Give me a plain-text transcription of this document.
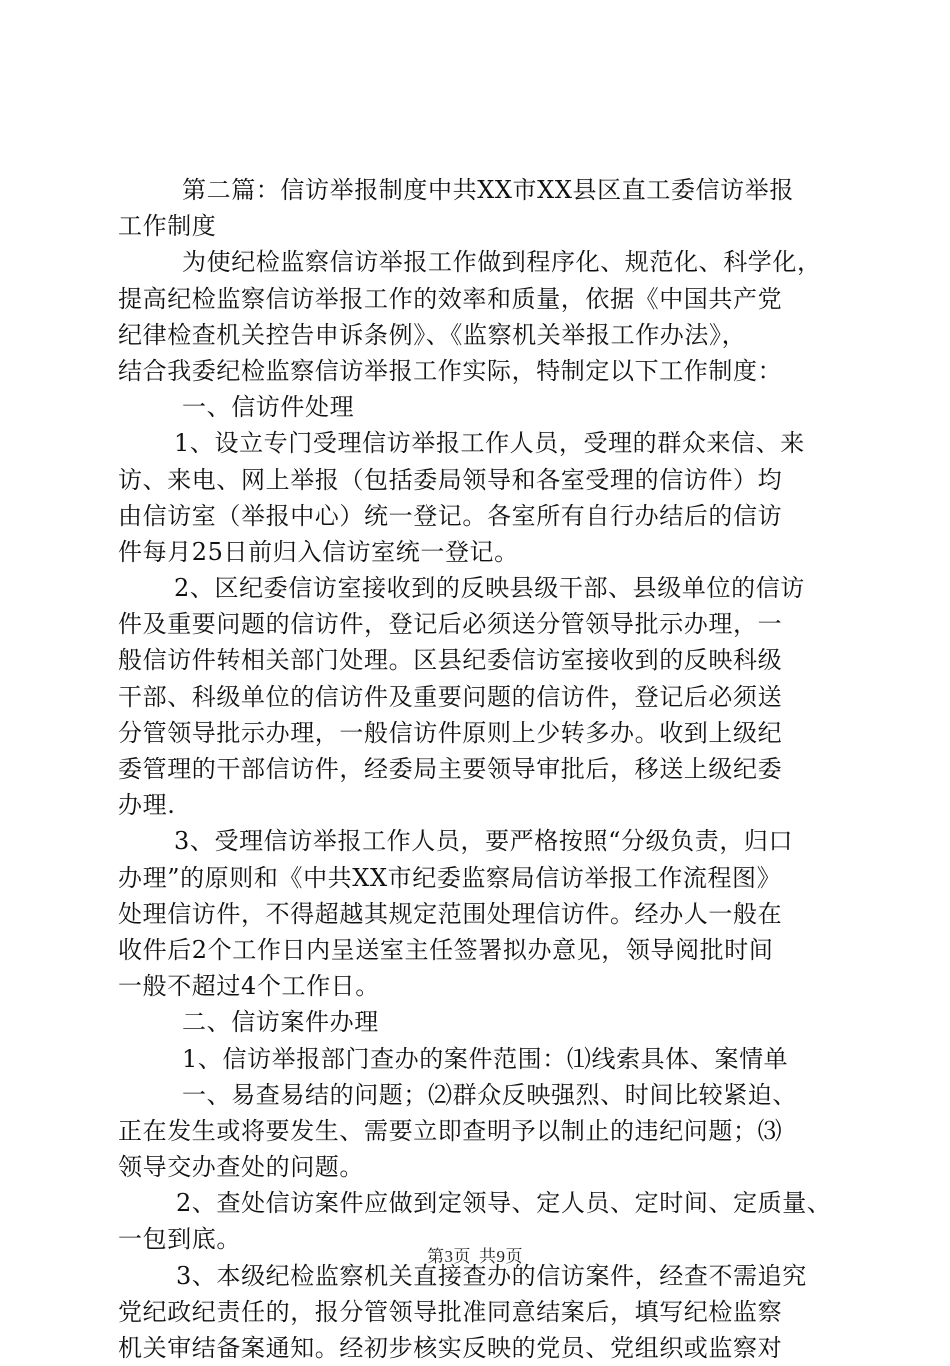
第二篇：信访举报制度中共XX市XX县区直工委信访举报
工作制度
为使纪检监察信访举报工作做到程序化、规范化、科学化，
提高纪检监察信访举报工作的效率和质量，依据《中国共产党
纪律检查机关控告申诉条例》、《监察机关举报工作办法》，
结合我委纪检监察信访举报工作实际，特制定以下工作制度：
一、信访件处理
1、设立专门受理信访举报工作人员，受理的群众来信、来
访、来电、网上举报（包括委局领导和各室受理的信访件）均
由信访室（举报中心）统一登记。各室所有自行办结后的信访
件每月25日前归入信访室统一登记。
2、区纪委信访室接收到的反映县级干部、县级单位的信访
件及重要问题的信访件，登记后必须送分管领导批示办理，一
般信访件转相关部门处理。区县纪委信访室接收到的反映科级
干部、科级单位的信访件及重要问题的信访件，登记后必须送
分管领导批示办理，一般信访件原则上少转多办。收到上级纪
委管理的干部信访件，经委局主要领导审批后，移送上级纪委
办理.
3、受理信访举报工作人员，要严格按照“分级负责，归口
办理”的原则和《中共XX市纪委监察局信访举报工作流程图》
处理信访件，不得超越其规定范围处理信访件。经办人一般在
收件后2个工作日内呈送室主任签署拟办意见，领导阅批时间
一般不超过4个工作日。
二、信访案件办理
1、信访举报部门查办的案件范围：⑴线索具体、案情单
一、易查易结的问题；⑵群众反映强烈、时间比较紧迫、
正在发生或将要发生、需要立即查明予以制止的违纪问题；⑶
领导交办查处的问题。
2、查处信访案件应做到定领导、定人员、定时间、定质量、
一包到底。
3、本级纪检监察机关直接查办的信访案件，经查不需追究
党纪政纪责任的，报分管领导批准同意结案后，填写纪检监察
机关审结备案通知。经初步核实反映的党员、党组织或监察对
第3页 共9页
